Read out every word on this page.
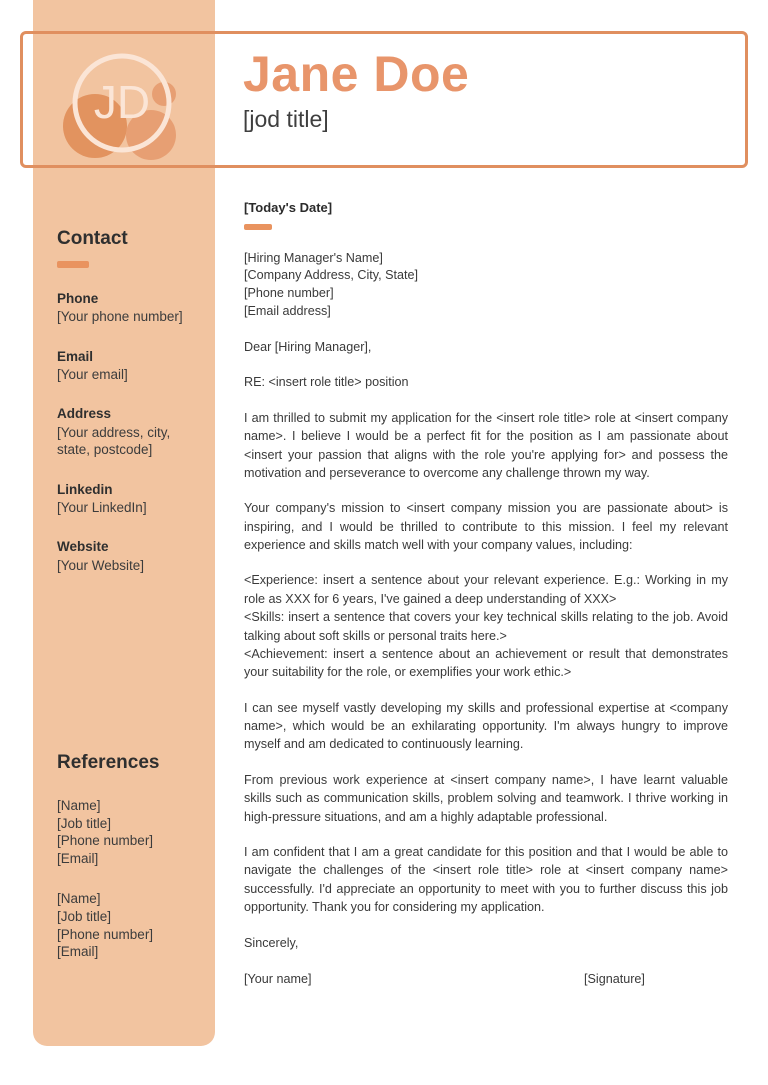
JD Jane Doe
[jod title]
Contact
Phone
[Your phone number]
Email
[Your email]
Address
[Your address, city, state, postcode]
Linkedin
[Your LinkedIn]
Website
[Your Website]
References
[Name]
[Job title]
[Phone number]
[Email]
[Name]
[Job title]
[Phone number]
[Email]
[Today's Date]
[Hiring Manager's Name]
[Company Address, City, State]
[Phone number]
[Email address]
Dear [Hiring Manager],
RE: <insert role title> position
I am thrilled to submit my application for the <insert role title> role at <insert company name>. I believe I would be a perfect fit for the position as I am passionate about <insert your passion that aligns with the role you're applying for> and possess the motivation and perseverance to overcome any challenge thrown my way.
Your company's mission to <insert company mission you are passionate about> is inspiring, and I would be thrilled to contribute to this mission. I feel my relevant experience and skills match well with your company values, including:

<Experience: insert a sentence about your relevant experience. E.g.: Working in my role as XXX for 6 years, I've gained a deep understanding of XXX>

<Skills: insert a sentence that covers your key technical skills relating to the job. Avoid talking about soft skills or personal traits here.>

<Achievement: insert a sentence about an achievement or result that demonstrates your suitability for the role, or exemplifies your work ethic.>

I can see myself vastly developing my skills and professional expertise at <company name>, which would be an exhilarating opportunity. I'm always hungry to improve myself and am dedicated to continuously learning.
From previous work experience at <insert company name>, I have learnt valuable skills such as communication skills, problem solving and teamwork. I thrive working in high-pressure situations, and am a highly adaptable professional.
I am confident that I am a great candidate for this position and that I would be able to navigate the challenges of the <insert role title> role at <insert company name> successfully. I'd appreciate an opportunity to meet with you to further discuss this job opportunity. Thank you for considering my application.
Sincerely,
[Your name]	[Signature]
